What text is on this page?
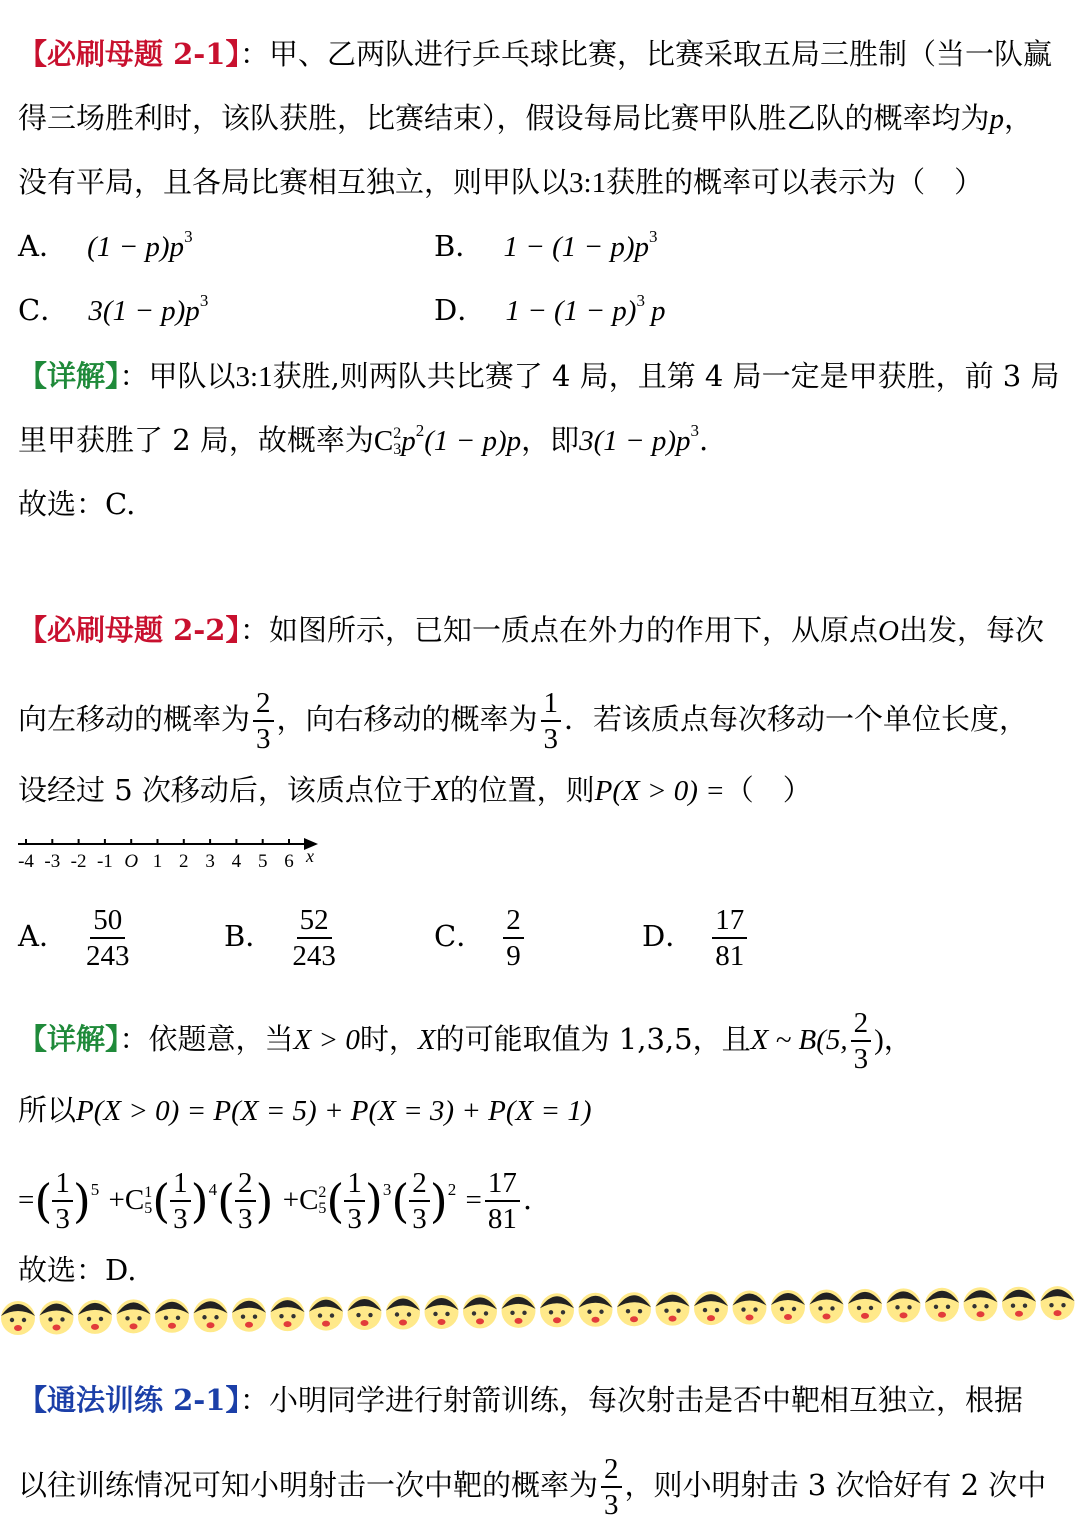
【必刷母题 2-1】：甲、乙两队进行乒乓球比赛，比赛采取五局三胜制（当一队赢
得三场胜利时，该队获胜，比赛结束），假设每局比赛甲队胜乙队的概率均为p，
没有平局，且各局比赛相互独立，则甲队以3:1获胜的概率可以表示为（　）
A． $(1 - p)p^3$	B． $1 - (1 - p)p^3$
C． $3(1 - p)p^3$	D． $1 - (1 - p)^3$ p
【详解】：甲队以3:1获胜,则两队共比赛了 4 局，且第 4 局一定是甲获胜，前 3 局
里甲获胜了 2 局，故概率为C 2
3 $p^2(1 - p)p$，即$3(1 - p)p^3$.
故选：C.
【必刷母题 2-2】：如图所示，已知一质点在外力的作用下，从原点O出发，每次
向左移动的概率为 $\frac{2}{3}$ ，向右移动的概率为 $\frac{1}{3}$ ．若该质点每次移动一个单位长度，
设经过 5 次移动后，该质点位于X的位置，则P(X > 0) =（　）
-4 -3 -2 -1 O 1 2 3 4 5 6 x
A． $\frac{50}{243}$	B． $\frac{52}{243}$	C． $\frac{2}{9}$	D． $\frac{17}{81}$
【详解】：依题意，当X > 0时，X的可能取值为 1,3,5，且X ~ B(5, $\frac{2}{3}$ )，
所以P(X > 0) = P(X = 5) + P(X = 3) + P(X = 1)
=( $\frac{1}{3} )^5 +C$ 1
5 ( $\frac{1}{3} )^4( \frac{2}{3}$ ) +C 2
5 ( $\frac{1}{3} )^3( \frac{2}{3} )^2 = \frac{17}{81}$ .
故选：D.
【通法训练 2-1】：小明同学进行射箭训练，每次射击是否中靶相互独立，根据
以往训练情况可知小明射击一次中靶的概率为 $\frac{2}{3}$ ，则小明射击 3 次恰好有 2 次中
